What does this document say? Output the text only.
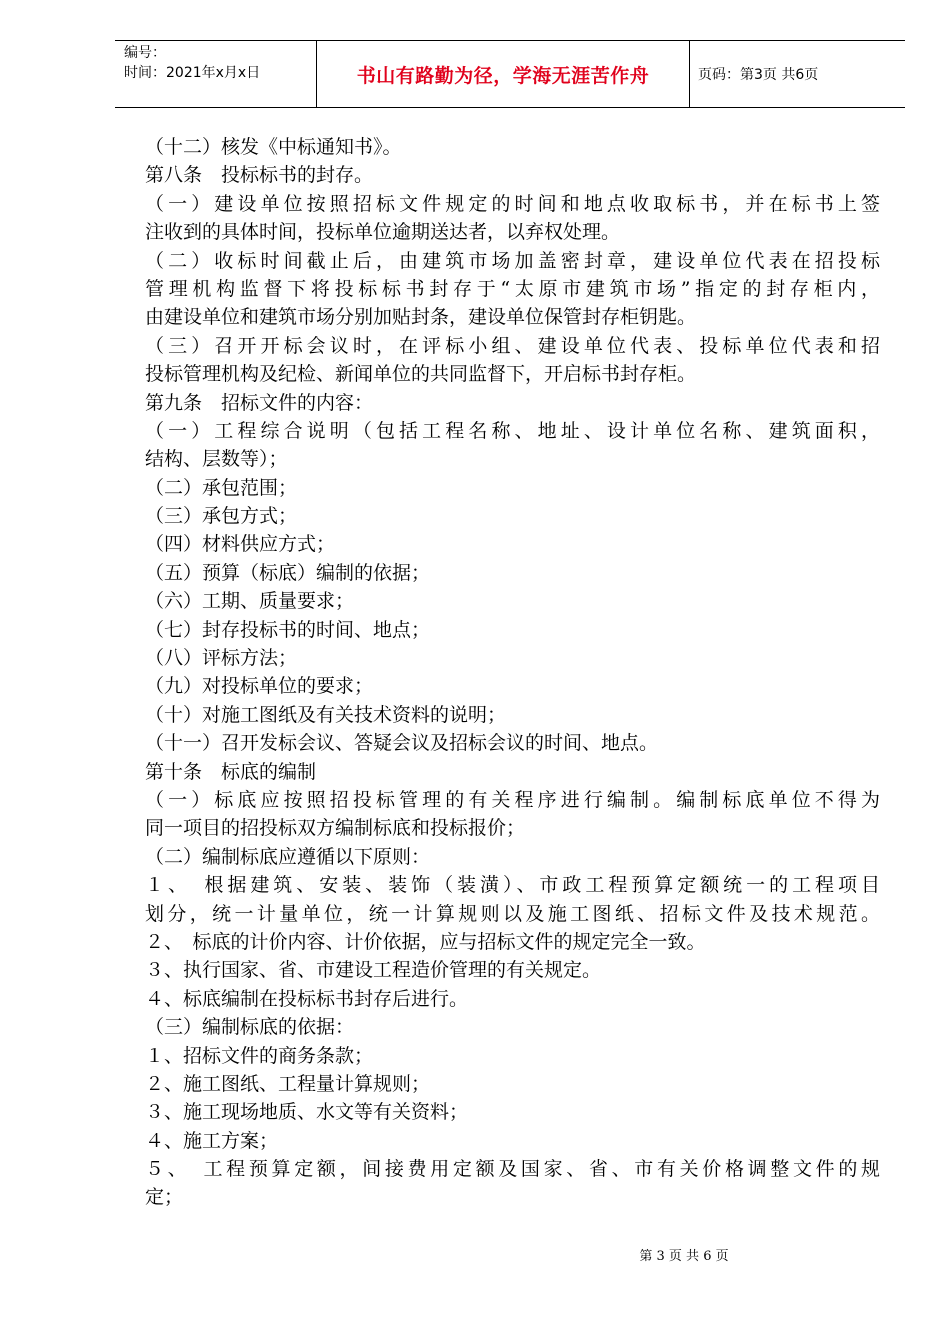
编号：
时间：2021年x月x日	书山有路勤为径，学海无涯苦作舟	页码：第3页 共6页
（十二）核发《中标通知书》。
第八条　投标标书的封存。
（一）建设单位按照招标文件规定的时间和地点收取标书，并在标书上签
注收到的具体时间，投标单位逾期送达者，以弃权处理。
（二）收标时间截止后，由建筑市场加盖密封章，建设单位代表在招投标
管理机构监督下将投标标书封存于“太原市建筑市场”指定的封存柜内，
由建设单位和建筑市场分别加贴封条，建设单位保管封存柜钥匙。
（三）召开开标会议时，在评标小组、建设单位代表、投标单位代表和招
投标管理机构及纪检、新闻单位的共同监督下，开启标书封存柜。
第九条　招标文件的内容：
（一）工程综合说明（包括工程名称、地址、设计单位名称、建筑面积，
结构、层数等）；
（二）承包范围；
（三）承包方式；
（四）材料供应方式；
（五）预算（标底）编制的依据；
（六）工期、质量要求；
（七）封存投标书的时间、地点；
（八）评标方法；
（九）对投标单位的要求；
（十）对施工图纸及有关技术资料的说明；
（十一）召开发标会议、答疑会议及招标会议的时间、地点。
第十条　标底的编制
（一）标底应按照招投标管理的有关程序进行编制。编制标底单位不得为
同一项目的招投标双方编制标底和投标报价；
（二）编制标底应遵循以下原则：
１、　根据建筑、安装、装饰（装潢）、市政工程预算定额统一的工程项目
划分，统一计量单位，统一计算规则以及施工图纸、招标文件及技术规范。
２、　标底的计价内容、计价依据，应与招标文件的规定完全一致。
３、执行国家、省、市建设工程造价管理的有关规定。
４、标底编制在投标标书封存后进行。
（三）编制标底的依据：
１、招标文件的商务条款；
２、施工图纸、工程量计算规则；
３、施工现场地质、水文等有关资料；
４、施工方案；
５、　工程预算定额，间接费用定额及国家、省、市有关价格调整文件的规
定；
第 3 页 共 6 页
